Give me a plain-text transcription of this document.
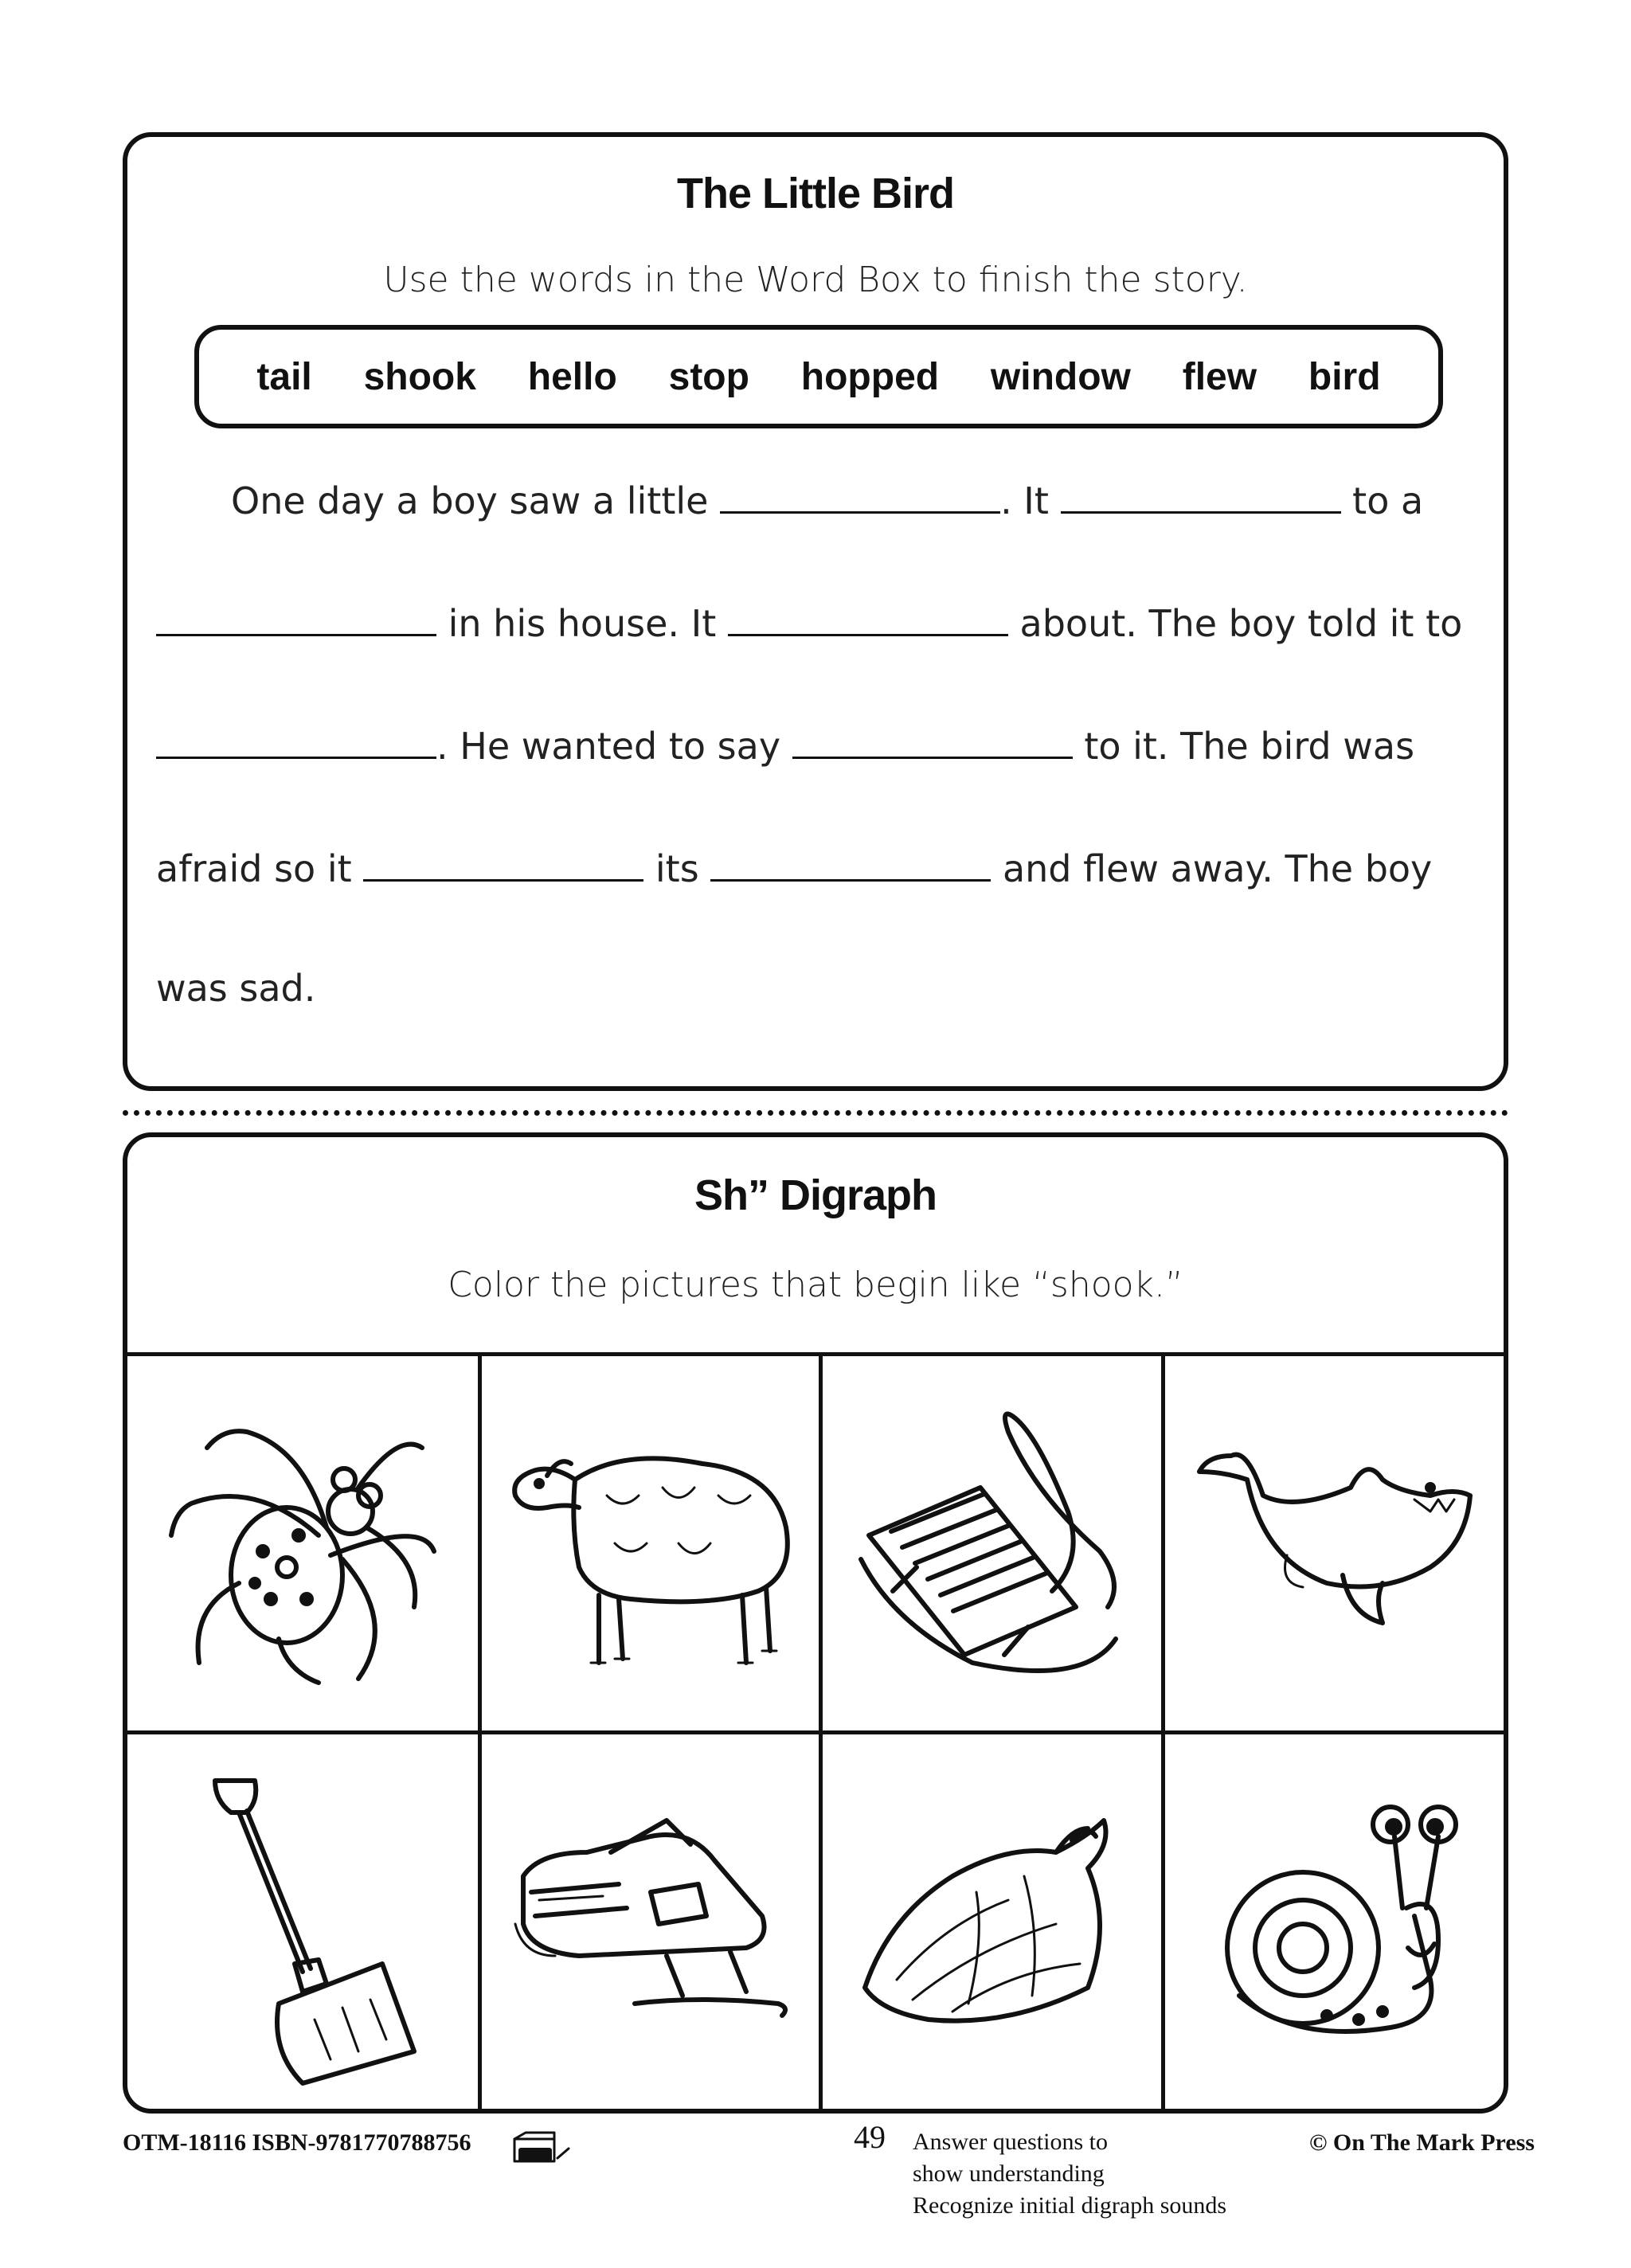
The Little Bird
Use the words in the Word Box to finish the story.
tail shook hello stop hopped window flew bird
One day a boy saw a little	. It	to a
in his house. It	about. The boy told it to
. He wanted to say	to it. The bird was
afraid so it	its	and flew away. The boy
was sad.
Sh” Digraph
Color the pictures that begin like “shook.”
OTM-18116 ISBN-9781770788756	49 Answer questions to
show understanding
Recognize initial digraph sounds
© On The Mark Press
